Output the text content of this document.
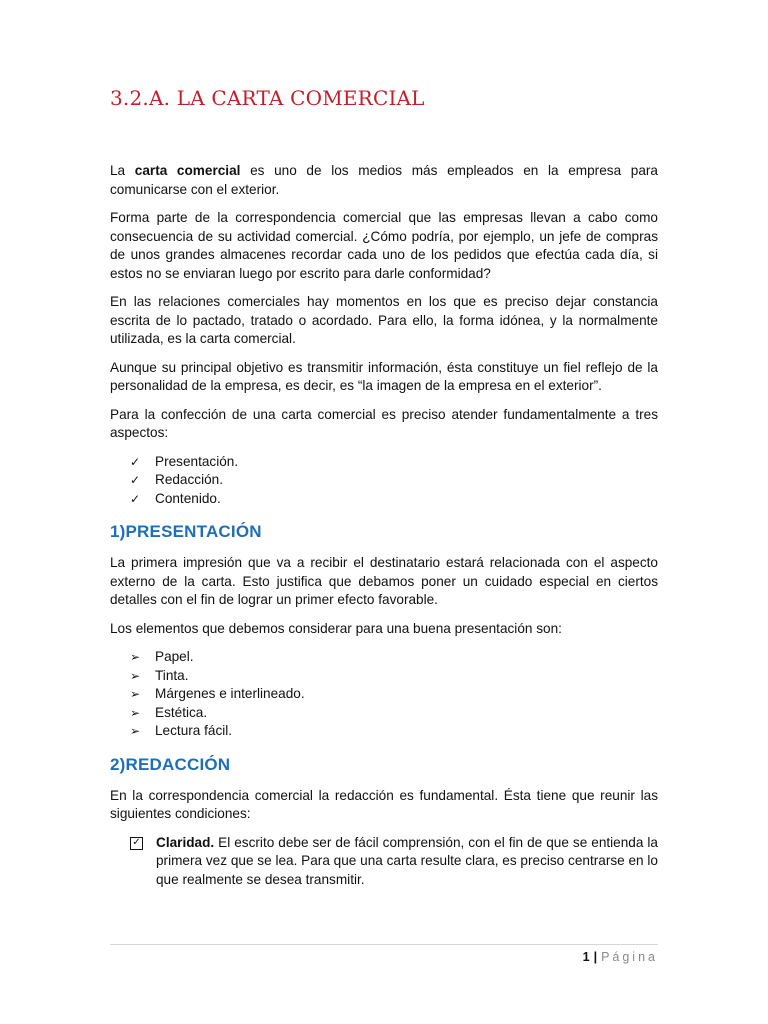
3.2.A. LA CARTA COMERCIAL

La carta comercial es uno de los medios más empleados en la empresa para comunicarse con el exterior.

Forma parte de la correspondencia comercial que las empresas llevan a cabo como consecuencia de su actividad comercial. ¿Cómo podría, por ejemplo, un jefe de compras de unos grandes almacenes recordar cada uno de los pedidos que efectúa cada día, si estos no se enviaran luego por escrito para darle conformidad?

En las relaciones comerciales hay momentos en los que es preciso dejar constancia escrita de lo pactado, tratado o acordado. Para ello, la forma idónea, y la normalmente utilizada, es la carta comercial.

Aunque su principal objetivo es transmitir información, ésta constituye un fiel reflejo de la personalidad de la empresa, es decir, es “la imagen de la empresa en el exterior”.

Para la confección de una carta comercial es preciso atender fundamentalmente a tres aspectos:

✓	Presentación.
✓	Redacción.
✓	Contenido.
1)PRESENTACIÓN

La primera impresión que va a recibir el destinatario estará relacionada con el aspecto externo de la carta. Esto justifica que debamos poner un cuidado especial en ciertos detalles con el fin de lograr un primer efecto favorable.

Los elementos que debemos considerar para una buena presentación son:

➢	Papel.
➢	Tinta.
➢	Márgenes e interlineado.
➢	Estética.
➢	Lectura fácil.
2)REDACCIÓN

En la correspondencia comercial la redacción es fundamental. Ésta tiene que reunir las siguientes condiciones:

✓ Claridad. El escrito debe ser de fácil comprensión, con el fin de que se entienda la primera vez que se lea. Para que una carta resulte clara, es preciso centrarse en lo que realmente se desea transmitir.

1 | Página
